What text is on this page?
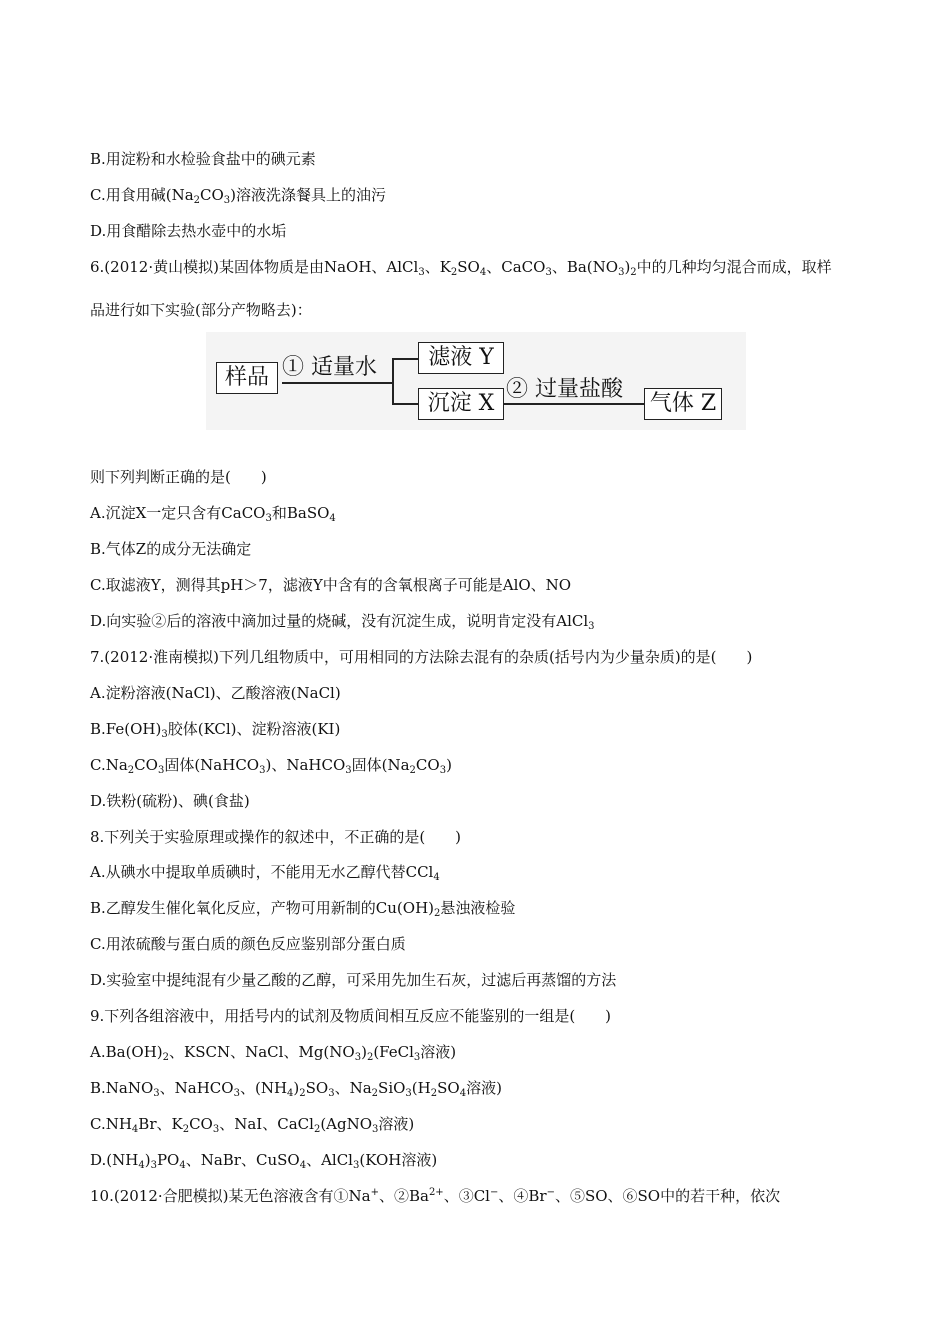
B.用淀粉和水检验食盐中的碘元素
C.用食用碱$(Na_2CO_3)$溶液洗涤餐具上的油污
D.用食醋除去热水壶中的水垢
6.(2012·黄山模拟)某固体物质是由NaOH、AlCl$_3$、$K_2SO_4$、CaCO$_3$、$Ba(NO_3)_2$中的几种均匀混合而成，取样
品进行如下实验(部分产物略去)：
样品 ① 适量水	滤液 Y
沉淀 X
② 过量盐酸
气体 Z
则下列判断正确的是(　　)
A.沉淀X一定只含有CaCO$_3$和BaSO$_4$
B.气体Z的成分无法确定
C.取滤液Y，测得其pH＞7，滤液Y中含有的含氧根离子可能是AlO、NO
D.向实验②后的溶液中滴加过量的烧碱，没有沉淀生成，说明肯定没有AlCl$_3$
7.(2012·淮南模拟)下列几组物质中，可用相同的方法除去混有的杂质(括号内为少量杂质)的是(　　)
A.淀粉溶液(NaCl)、乙酸溶液(NaCl)
$B.Fe(OH)_3$胶体(KCl)、淀粉溶液(KI)
$C.Na_2CO_3$固体(NaHCO$_3$)、NaHCO$_3$固体$(Na_2CO_3)$
D.铁粉(硫粉)、碘(食盐)
8.下列关于实验原理或操作的叙述中，不正确的是(　　)
A.从碘水中提取单质碘时，不能用无水乙醇代替CCl$_4$
B.乙醇发生催化氧化反应，产物可用新制的$Cu(OH)_2$悬浊液检验
C.用浓硫酸与蛋白质的颜色反应鉴别部分蛋白质
D.实验室中提纯混有少量乙酸的乙醇，可采用先加生石灰，过滤后再蒸馏的方法
9.下列各组溶液中，用括号内的试剂及物质间相互反应不能鉴别的一组是(　　)
$A.Ba(OH)_2$、KSCN、NaCl、$Mg(NO_3)_2(FeCl_3$溶液)
B.NaNO$_3$、NaHCO$_3$、$(NH_4)_2SO_3$、$Na_2SiO_3(H_2SO_4$溶液)
$C.NH_4Br$、$K_2CO_3$、NaI、CaCl$_2$(AgNO$_3$溶液)
$D.(NH_4)_3PO_4$、NaBr、CuSO$_4$、AlCl$_3$(KOH溶液)
10.(2012·合肥模拟)某无色溶液含有①Na+、$②Ba^{2+}$、③Cl−、④Br−、⑤SO、⑥SO中的若干种，依次
